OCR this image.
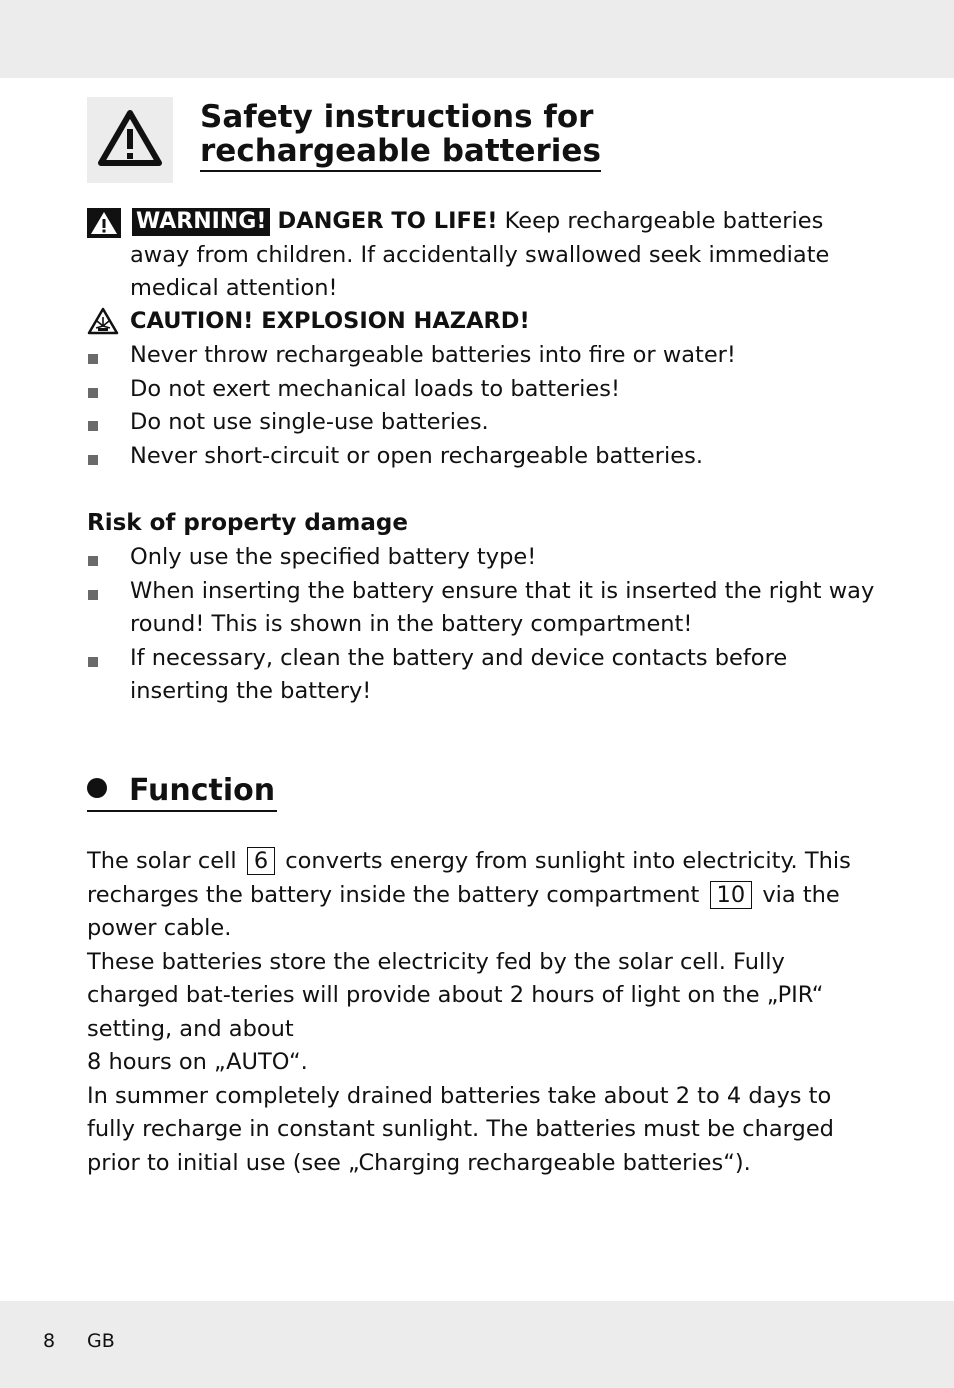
Safety instructions for
rechargeable batteries
WARNING! DANGER TO LIFE! Keep rechargeable batteries away from children. If accidentally swallowed seek immediate medical attention!
CAUTION! EXPLOSION HAZARD!
Never throw rechargeable batteries into fire or water!
Do not exert mechanical loads to batteries!
Do not use single-use batteries.
Never short-circuit or open rechargeable batteries.
Risk of property damage
Only use the specified battery type!
When inserting the battery ensure that it is inserted the right way round! This is shown in the battery compartment!
If necessary, clean the battery and device contacts before inserting the battery!
Function
The solar cell 6 converts energy from sunlight into electricity. This recharges the battery inside the battery compartment 10 via the power cable.
These batteries store the electricity fed by the solar cell. Fully charged bat-teries will provide about 2 hours of light on the „PIR“ setting, and about
8 hours on „AUTO“.
In summer completely drained batteries take about 2 to 4 days to fully recharge in constant sunlight. The batteries must be charged prior to initial use (see „Charging rechargeable batteries“).
8 GB
